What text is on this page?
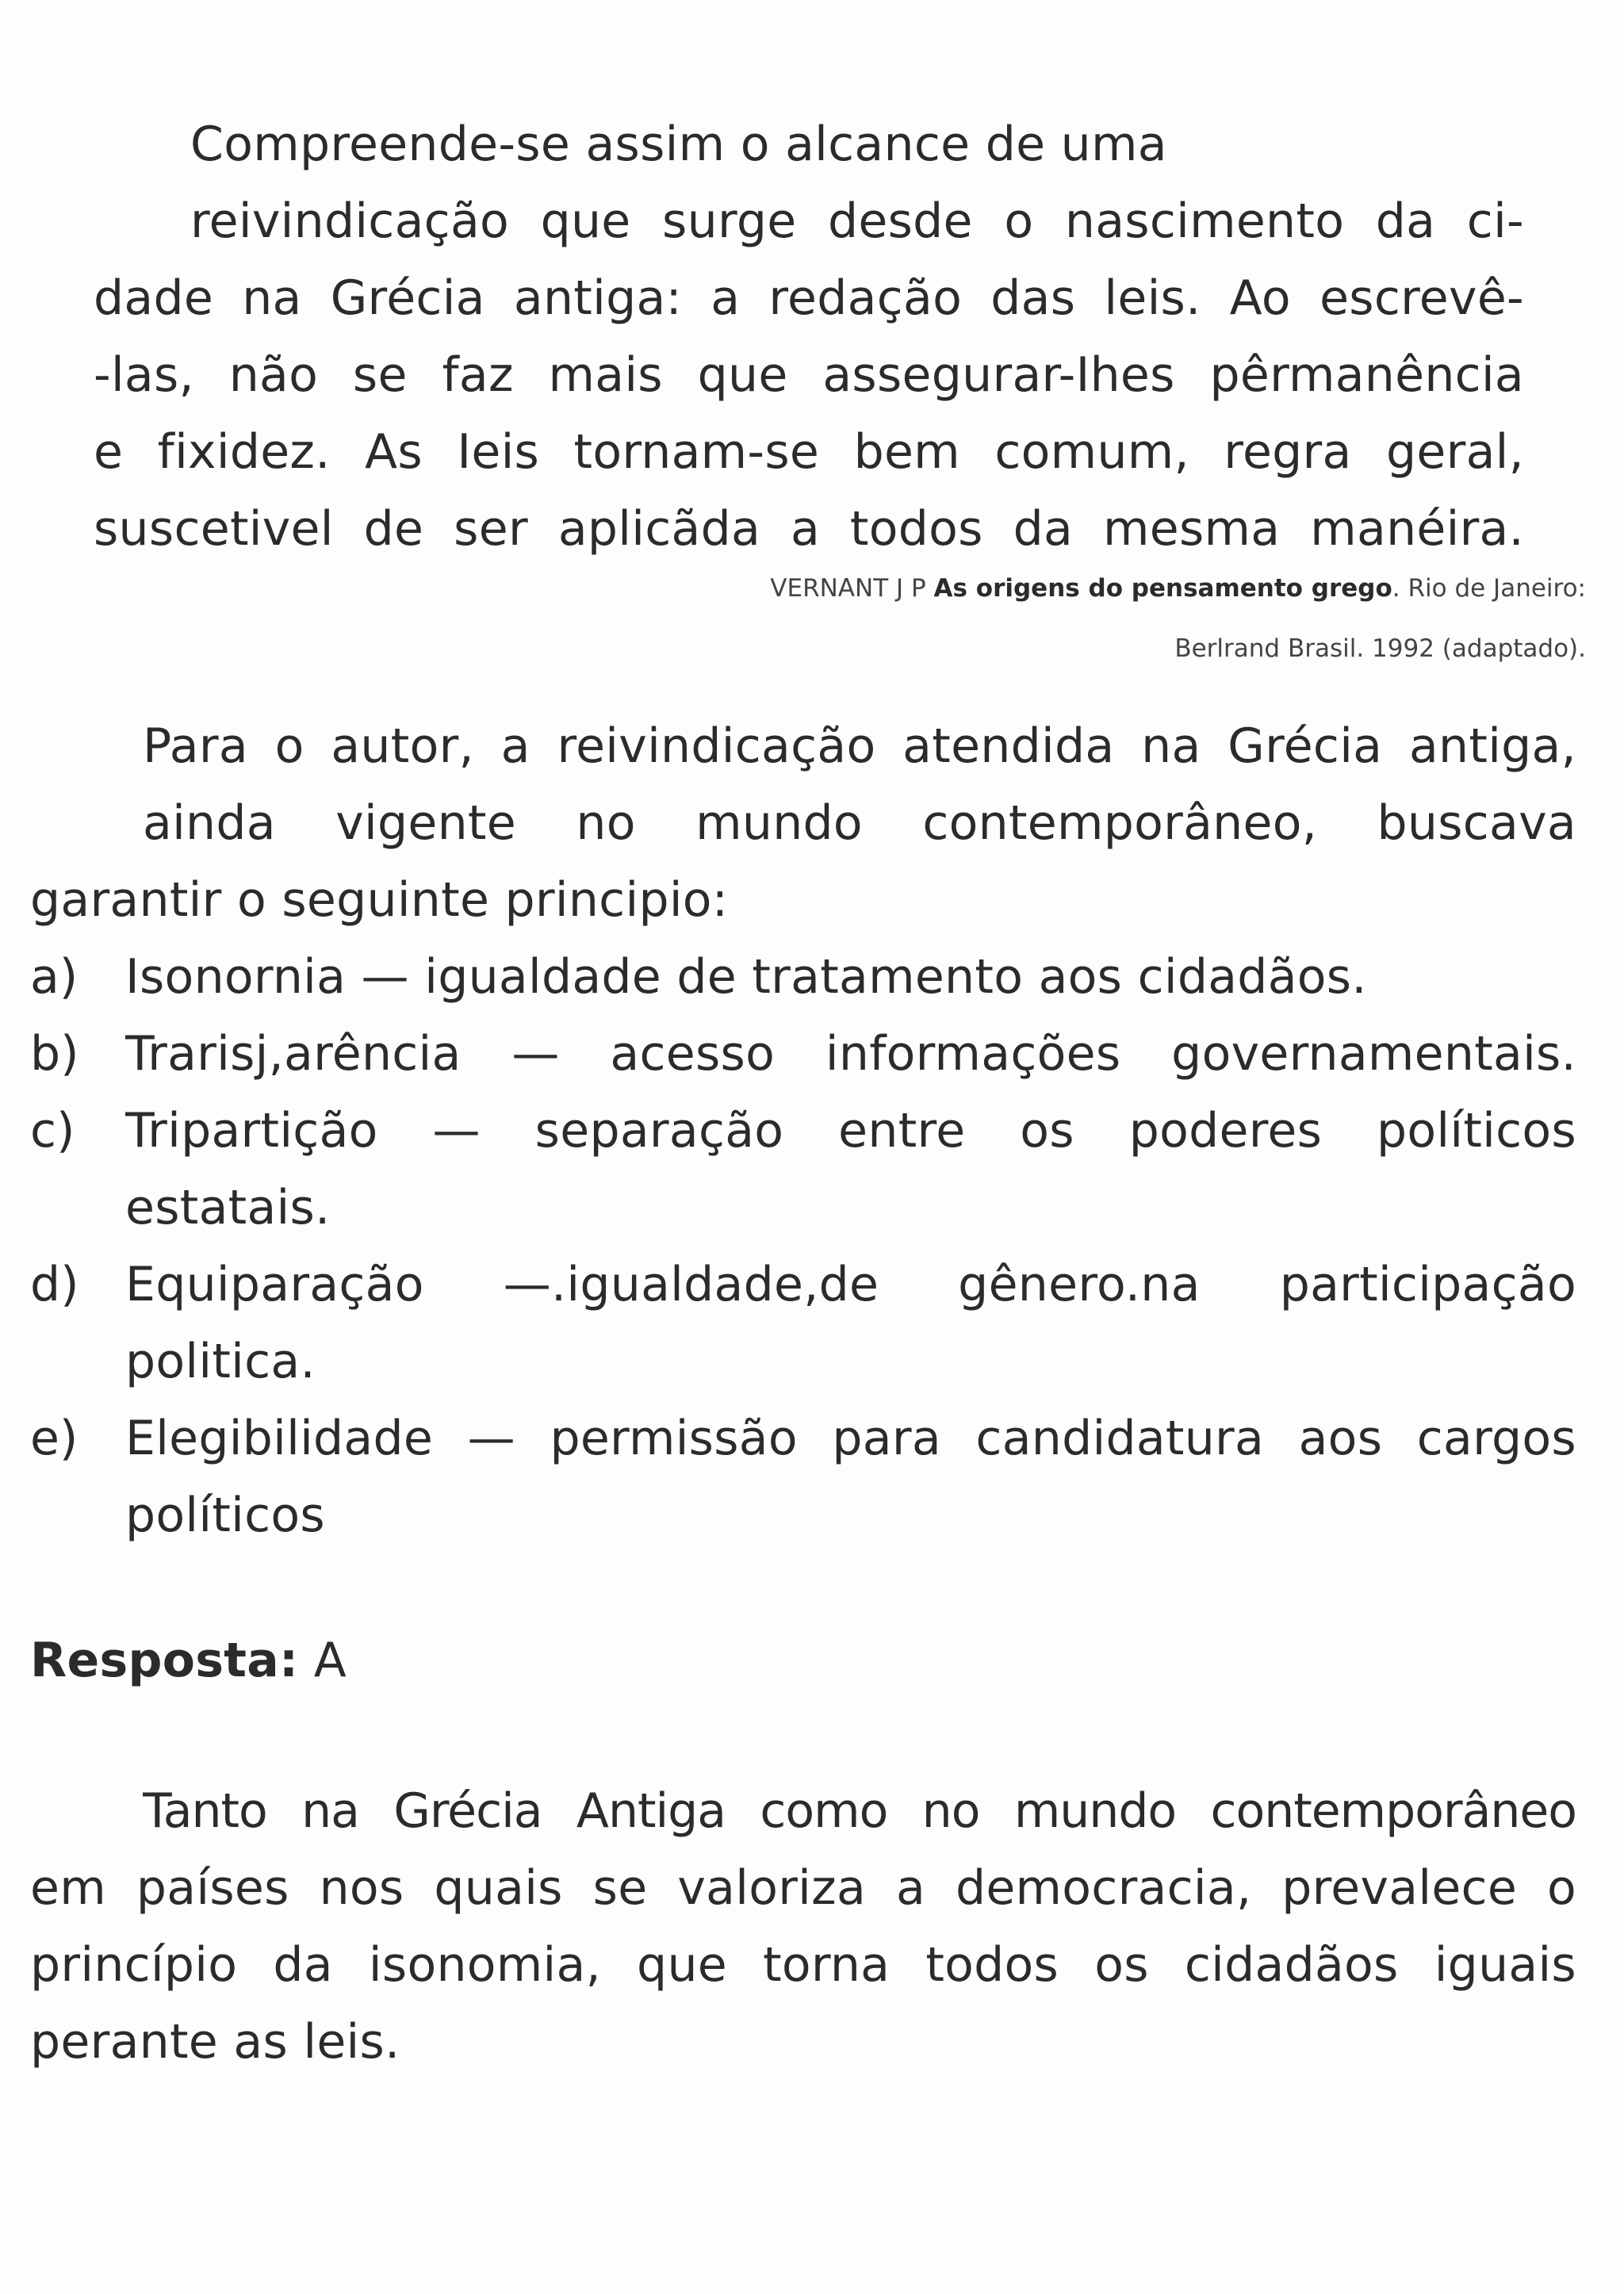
Compreende-se assim o alcance de uma
reivindicação que surge desde o nascimento da ci-
dade na Grécia antiga: a redação das leis. Ao escrevê-
-las, não se faz mais que assegurar-Ihes pêrmanência
e fixidez. As Ieis tornam-se bem comum, regra geral,
suscetivel de ser aplicãda a todos da mesma manéira.
VERNANT J P As origens do pensamento grego. Rio de Janeiro:
Berlrand Brasil. 1992 (adaptado).
Para o autor, a reivindicação atendida na Grécia antiga,
ainda vigente no mundo contemporâneo, buscava
garantir o seguinte principio:
a) Isonornia — igualdade de tratamento aos cidadãos.
b) Trarisj,arência — acesso informações governamentais.
c) Tripartição — separação entre os poderes políticos
estatais.
d) Equiparação —.igualdade,de gênero.na participação
politica.
e) Elegibilidade — permissão para candidatura aos cargos
políticos
Resposta: A
Tanto na Grécia Antiga como no mundo contemporâneo
em países nos quais se valoriza a democracia, prevalece o
princípio da isonomia, que torna todos os cidadãos iguais
perante as leis.
